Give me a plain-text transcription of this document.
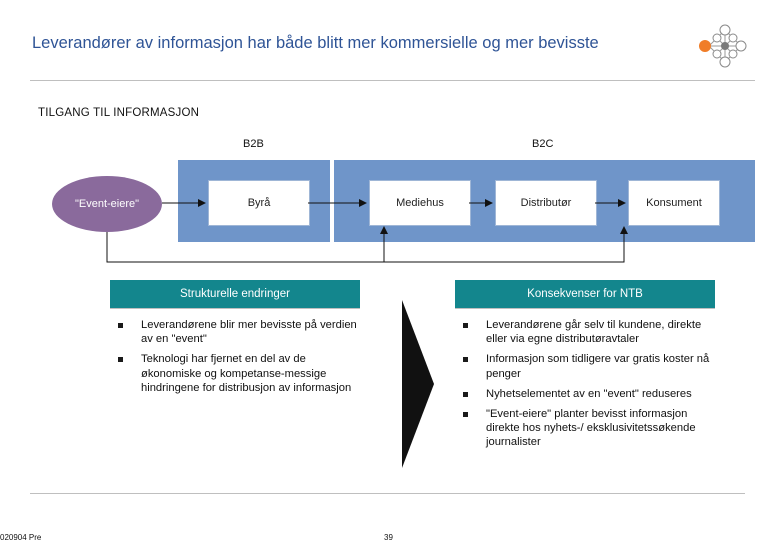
Leverandører av informasjon har både blitt mer kommersielle og mer bevisste
TILGANG TIL INFORMASJON
B2B	B2C
"Event-eiere"	Byrå	Mediehus	Distributør	Konsument
Strukturelle endringer
Leverandørene blir mer bevisste på verdien av en "event"
Teknologi har fjernet en del av de økonomiske og kompetanse-messige hindringene for distribusjon av informasjon
Konsekvenser for NTB
Leverandørene går selv til kundene, direkte eller via egne distributøravtaler
Informasjon som tidligere var gratis koster nå penger
Nyhetselementet av en "event" reduseres
"Event-eiere" planter bevisst informasjon direkte hos nyhets-/ eksklusivitetssøkende journalister
020904 Pre	39
